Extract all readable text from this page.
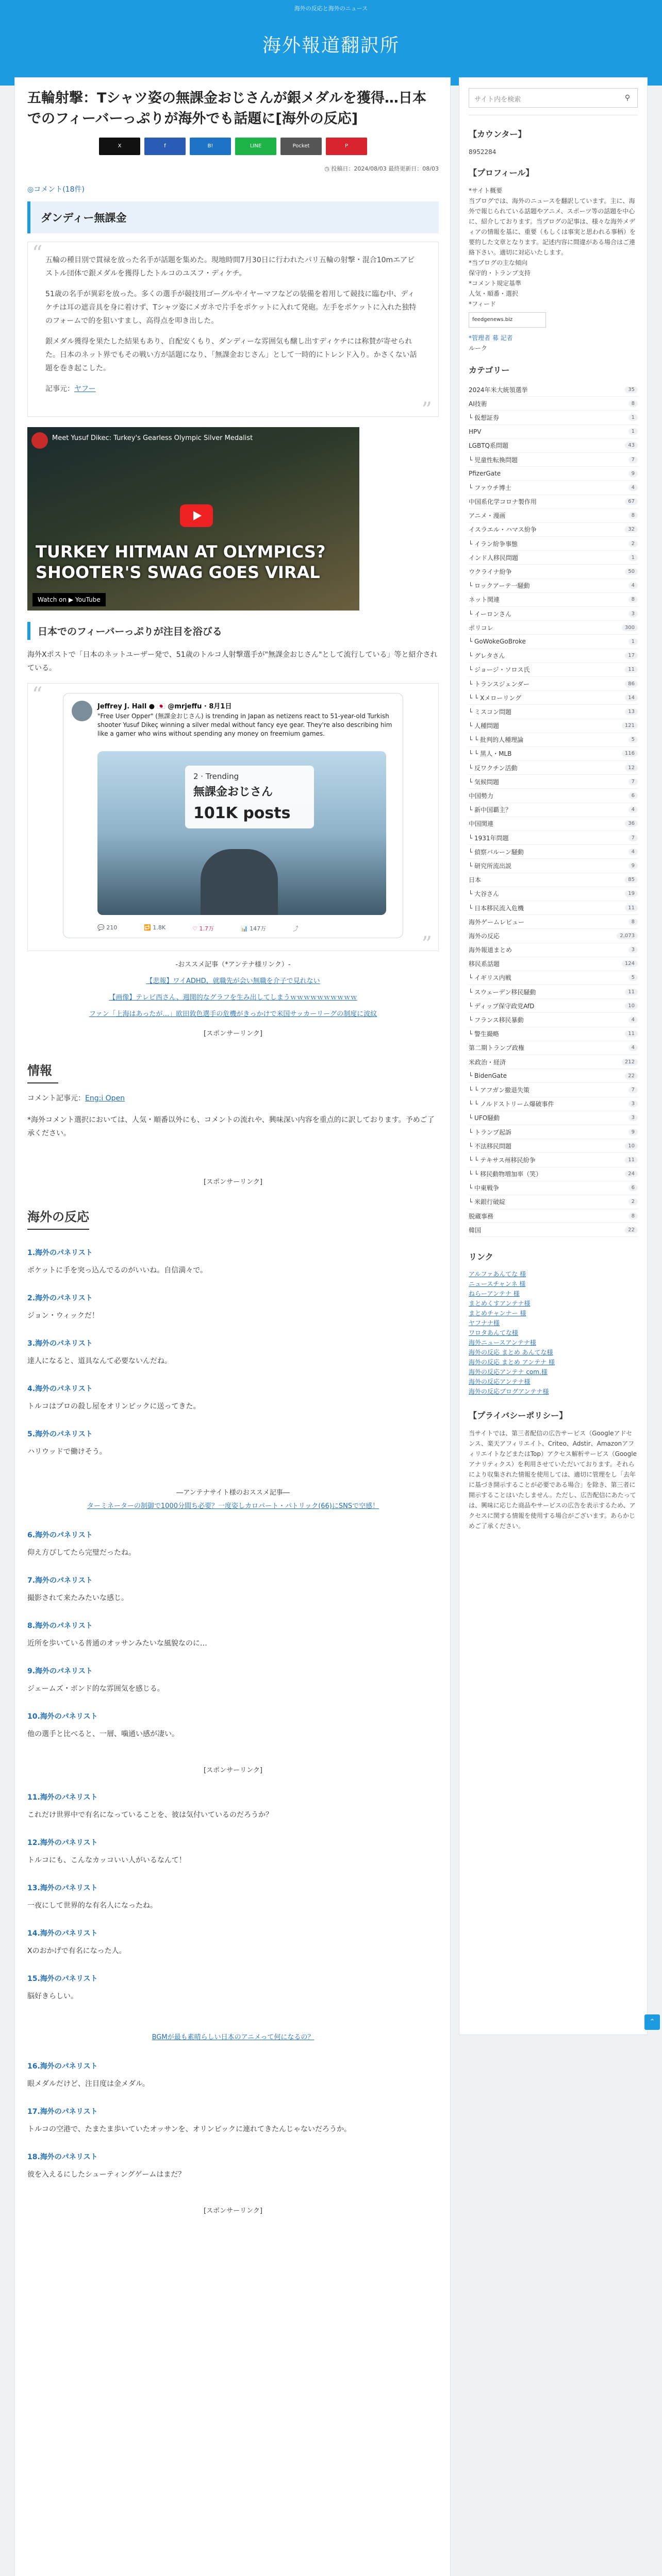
海外の反応と海外のニュース
海外報道翻訳所
五輪射撃：Tシャツ姿の無課金おじさんが銀メダルを獲得…日本でのフィーバーっぷりが海外でも話題に[海外の反応]
X	f	B!	LINE	Pocket	P
◷ 投稿日：2024/08/03 最終更新日：08/03
◎コメント(18件)
ダンディー無課金
“ 五輪の種目別で貫禄を放った名手が話題を集めた。現地時間7月30日に行われたパリ五輪の射撃・混合10mエアピストル団体で銀メダルを獲得したトルコのユスフ・ディケチ。

51歳の名手が異彩を放った。多くの選手が競技用ゴーグルやイヤーマフなどの装備を着用して競技に臨む中、ディケチは耳の遮音具を身に着けず、Tシャツ姿にメガネで片手をポケットに入れて発砲。左手をポケットに入れた独特のフォームで的を狙いすまし、高得点を叩き出した。

銀メダル獲得を果たした結果もあり、自配安くもり、ダンディーな雰囲気も醸し出すディケチには称賛が寄せられた。日本のネット界でもその戦い方が話題になり、「無課金おじさん」として一時的にトレンド入り。かさくない話題を巻き起こした。

記事元：ヤフー

”
Meet Yusuf Dikec: Turkey's Gearless Olympic Silver Medalist
TURKEY HITMAN AT OLYMPICS? SHOOTER'S SWAG GOES VIRAL
Watch on ▶ YouTube
日本でのフィーバーっぷりが注目を浴びる
海外Xポストで「日本のネットユーザー発で、51歳のトルコ人射撃選手が"無課金おじさん"として流行している」等と紹介されている。
“	Jeffrey J. Hall ● 🇯🇵 @mrjeffu · 8月1日
"Free User Opper" (無課金おじさん) is trending in Japan as netizens react to 51-year-old Turkish shooter Yusuf Dikeç winning a silver medal without fancy eye gear. They're also describing him like a gamer who wins without spending any money on freemium games.
2 · Trending
無課金おじさん
101K posts
💬 210	🔁 1.8K	♡ 1.7万	📊 147万	⤴
”
-おススメ記事（*アンテナ様リンク）-
【悲報】ワイADHD、就職先が会い無職を介子で見れない
【画像】テレビ西さん、週開的なグラフを生み出してしまうｗｗｗｗｗｗｗｗｗｗ
ファン「上海はあったが…」欧田敦色選手の危機がきっかけで米国サッカーリーグの制度に波紋
[スポンサーリンク]
情報
コメント記事元：Eng:i Open
*海外コメント選択においては、人気・順番以外にも、コメントの流れや、興味深い内容を重点的に訳しております。予めご了承ください。
[スポンサーリンク]
海外の反応
1.海外のパネリスト
ポケットに手を突っ込んでるのがいいね。自信満々で。
2.海外のパネリスト
ジョン・ウィックだ！
3.海外のパネリスト
達人になると、道具なんて必要ないんだね。
4.海外のパネリスト
トルコはプロの殺し屋をオリンピックに送ってきた。
5.海外のパネリスト
ハリウッドで働けそう。
―アンテナサイト様のおススメ記事―
ターミネーターの制御で1000分間ち必要？一度姿しカロパート・パトリック(66)にSNSで空感！
6.海外のパネリスト
仰え方ぴしてたら完璧だったね。
7.海外のパネリスト
撮影されて来たみたいな感じ。
8.海外のパネリスト
近所を歩いている普通のオッサンみたいな風貌なのに…
9.海外のパネリスト
ジェームズ・ボンド的な雰囲気を感じる。
10.海外のパネリスト
他の選手と比べると、一層、噛通い感が凄い。
[スポンサーリンク]
11.海外のパネリスト
これだけ世界中で有名になっていることを、彼は気付いているのだろうか？
12.海外のパネリスト
トルコにも、こんなカッコいい人がいるなんて！
13.海外のパネリスト
一夜にして世界的な有名人になったね。
14.海外のパネリスト
Xのおかげで有名になった人。
15.海外のパネリスト
脳好きらしい。
BGMが最も素晴らしい日本のアニメって何になるの？
16.海外のパネリスト
眼メダルだけど、注目度は金メダル。
17.海外のパネリスト
トルコの空港で、たまたま歩いていたオッサンを、オリンピックに連れてきたんじゃないだろうか。
18.海外のパネリスト
彼を入えるにしたシューティングゲームはまだ？
[スポンサーリンク]
サイト内を検索	⚲
【カウンター】
8952284
【プロフィール】
*サイト概要
当ブログでは、海外のニュースを翻訳しています。主に、海外で報じられている話題やアニメ、スポーツ等の話題を中心に、紹介しております。当ブログの記事は、様々な海外メディアの情報を基に、重要（もしくは事実と思われる事柄）を要約した文章となります。記述内容に間違がある場合はご連絡下さい。適切に対応いたします。
*当ブログの主な傾向
保守的・トランプ支持
*コメント規定基準
人気・順番・選択
*フィード
feedgenews.biz
*管理者 募 記者
ルーク
カテゴリー
2024年米大統領選挙	35
AI技術	8
└ 仮想証券	1
HPV	1
LGBTQ系問題	43
└ 児童性転換問題	7
PfizerGate	9
└ ファウチ博士	4
中国系化学コロナ製作用	67
アニメ・漫画	8
イスラエル・ハマス紛争	32
└ イラン紛争事態	2
インド人移民問題	1
ウクライナ紛争	50
└ ロックアーテ一騒動	4
ネット関連	8
└ イーロンさん	3
ポリコレ	300
└ GoWokeGoBroke	1
└ グレタさん	17
└ ジョージ・ソロス氏	11
└ トランスジェンダー	86
└ └ Xメローリング	14
└ ミスコン問題	13
└ 人種問題	121
└ └ 批判的人種理論	5
└ └ 黒人・MLB	116
└ 反ワクチン活動	12
└ 気候問題	7
中国勢力	6
└ 新中国覇主？	4
中国関連	36
└ 1931年問題	7
└ 偵察バルーン騒動	4
└ 研究所流出説	9
日本	85
└ 大谷さん	19
└ 日本移民流入危機	11
海外ゲームレビュー	8
海外の反応	2,073
海外報道まとめ	3
移民系話題	124
└ イギリス内戦	5
└ スウェーデン移民騒動	11
└ ディップ保守政党AfD	10
└ フランス移民暴動	4
└ 警生撮略	11
第二期トランプ政権	4
米政治・経済	212
└ BidenGate	22
└ └ アフガン撤退失策	7
└ └ ノルドストリーム爆破事件	3
└ UFO騒動	3
└ トランプ起訴	9
└ 不法移民問題	10
└ └ テキサス州移民紛争	11
└ └ 移民動物増加率（笑）	24
└ 中東戦争	6
└ 米銀行破綻	2
脱蔵事務	8
韓国	22
リンク
アルファあんてな 様
ニュースチャンネ 様
ねらーアンテナ 様
まとめくすアンテナ様
まとめチャンナー 様
ヤフナナ様
ワロタあんてな様
海外ニュースアンテナ様
海外の反応 まとめ あんてな様
海外の反応 まとめ アンテナ 様
海外の反応アンテナ com.様
海外の反応アンテナ様
海外の反応ブログアンテナ様
【プライバシーポリシー】
当サイトでは、第三者配信の広告サービス（Googleアドセンス、楽天アフィリエイト、Criteo、Adstir、AmazonアフィリエイトなどまたはTop）アクセス解析サービス（Googleアナリティクス）を利用させていただいております。それらにより収集された情報を使用しては、適切に管理をし「去年に基づき開示することが必要である場合」を除き、第三者に開示することはいたしません。ただし、広告配信にあたっては、興味に応じた商品やサービスの広告を表示するため、アクセスに関する情報を使用する場合がございます。あらかじめご了承ください。
⌃
